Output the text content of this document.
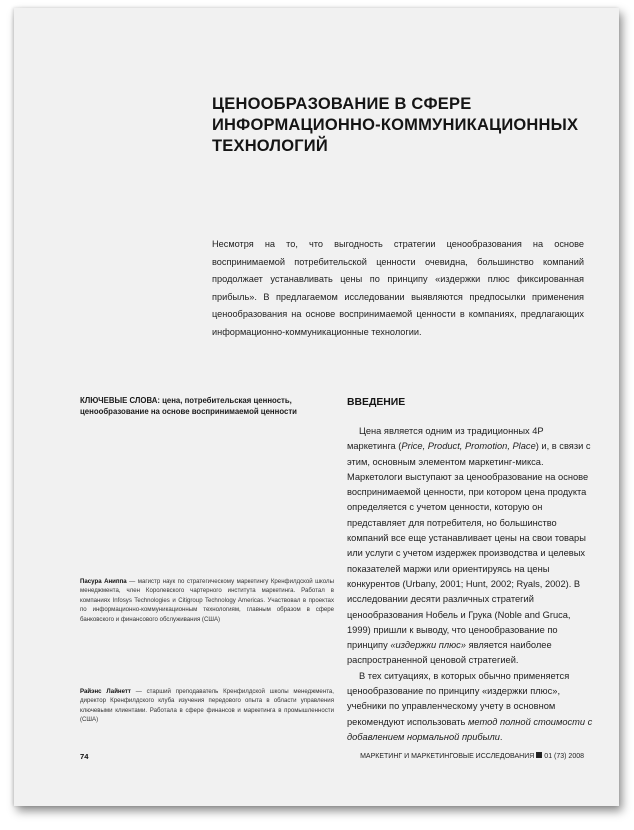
ЦЕНООБРАЗОВАНИЕ В СФЕРЕ ИНФОРМАЦИОННО-КОММУНИКАЦИОННЫХ ТЕХНОЛОГИЙ
Несмотря на то, что выгодность стратегии ценообразования на основе воспринимаемой потребительской ценности очевидна, большинство компаний продолжает устанавливать цены по принципу «издержки плюс фиксированная прибыль». В предлагаемом исследовании выявляются предпосылки применения ценообразования на основе воспринимаемой ценности в компаниях, предлагающих информационно-коммуникационные технологии.
КЛЮЧЕВЫЕ СЛОВА: цена, потребительская ценность, ценообразование на основе воспринимаемой ценности
Пасура Аниппа — магистр наук по стратегическому маркетингу Кренфилдской школы менеджмента, член Королевского чартерного института маркетинга. Работал в компаниях Infosys Technologies и Citigroup Technology Americas. Участвовал в проектах по информационно-коммуникационным технологиям, главным образом в сфере банковского и финансового обслуживания (США)
Райэнс Лайнетт — старший преподаватель Кренфилдской школы менеджмента, директор Кренфилдского клуба изучения передового опыта в области управления ключевыми клиентами. Работала в сфере финансов и маркетинга в промышленности (США)
ВВЕДЕНИЕ

Цена является одним из традиционных 4P маркетинга (Price, Product, Promotion, Place) и, в связи с этим, основным элементом маркетинг-микса. Маркетологи выступают за ценообразование на основе воспринимаемой ценности, при котором цена продукта определяется с учетом ценности, которую он представляет для потребителя, но большинство компаний все еще устанавливает цены на свои товары или услуги с учетом издержек производства и целевых показателей маржи или ориентируясь на цены конкурентов (Urbany, 2001; Hunt, 2002; Ryals, 2002). В исследовании десяти различных стратегий ценообразования Нобель и Грука (Noble and Gruca, 1999) пришли к выводу, что ценообразование по принципу «издержки плюс» является наиболее распространенной ценовой стратегией.

В тех ситуациях, в которых обычно применяется ценообразование по принципу «издержки плюс», учебники по управленческому учету в основном рекомендуют использовать метод полной стоимости с добавлением нормальной прибыли.

74	МАРКЕТИНГ И МАРКЕТИНГОВЫЕ ИССЛЕДОВАНИЯ 01 (73) 2008
